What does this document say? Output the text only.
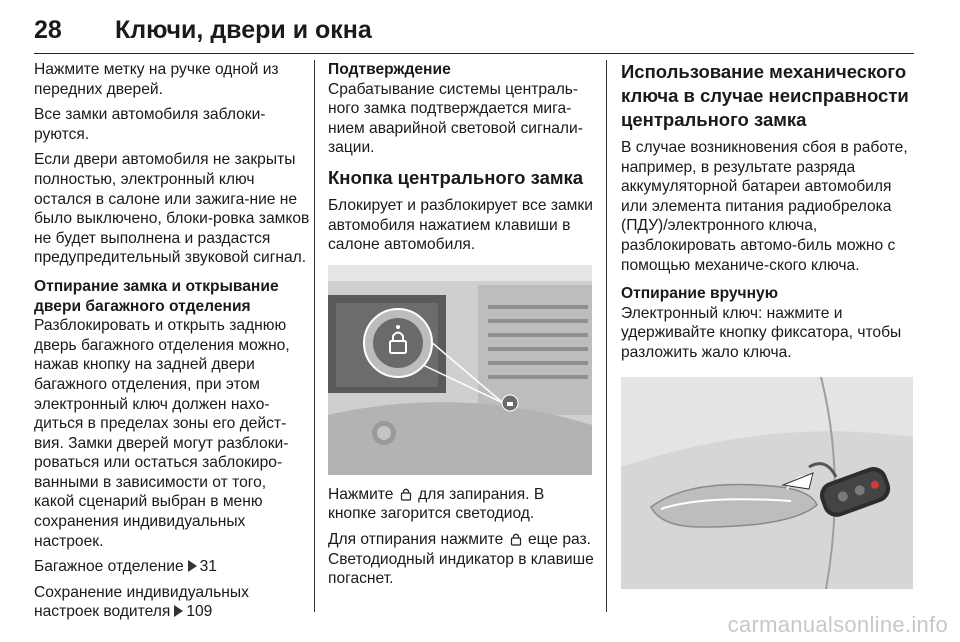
28 Ключи, двери и окна

Нажмите метку на ручке одной из передних дверей.

Все замки автомобиля заблоки-руются.

Если двери автомобиля не закрыты полностью, электронный ключ остался в салоне или зажига-ние не было выключено, блоки-ровка замков не будет выполнена и раздастся предупредительный звуковой сигнал.

Отпирание замка и открывание двери багажного отделения

Разблокировать и открыть заднюю дверь багажного отделения можно, нажав кнопку на задней двери багажного отделения, при этом электронный ключ должен нахо-диться в пределах зоны его дейст-вия. Замки дверей могут разблоки-роваться или остаться заблокиро-ванными в зависимости от того, какой сценарий выбран в меню сохранения индивидуальных настроек.

Багажное отделение 31

Сохранение индивидуальных настроек водителя 109

Подтверждение

Срабатывание системы централь-ного замка подтверждается мига-нием аварийной световой сигнали-зации.

Кнопка центрального замка

Блокирует и разблокирует все замки автомобиля нажатием клавиши в салоне автомобиля.

Нажмите для запирания. В кнопке загорится светодиод.

Для отпирания нажмите еще раз. Светодиодный индикатор в клавише погаснет.

Использование механического ключа в случае неисправности центрального замка

В случае возникновения сбоя в работе, например, в результате разряда аккумуляторной батареи автомобиля или элемента питания радиобрелока (ПДУ)/электронного ключа, разблокировать автомо-биль можно с помощью механиче-ского ключа.

Отпирание вручную

Электронный ключ: нажмите и удерживайте кнопку фиксатора, чтобы разложить жало ключа.

carmanualsonline.info
